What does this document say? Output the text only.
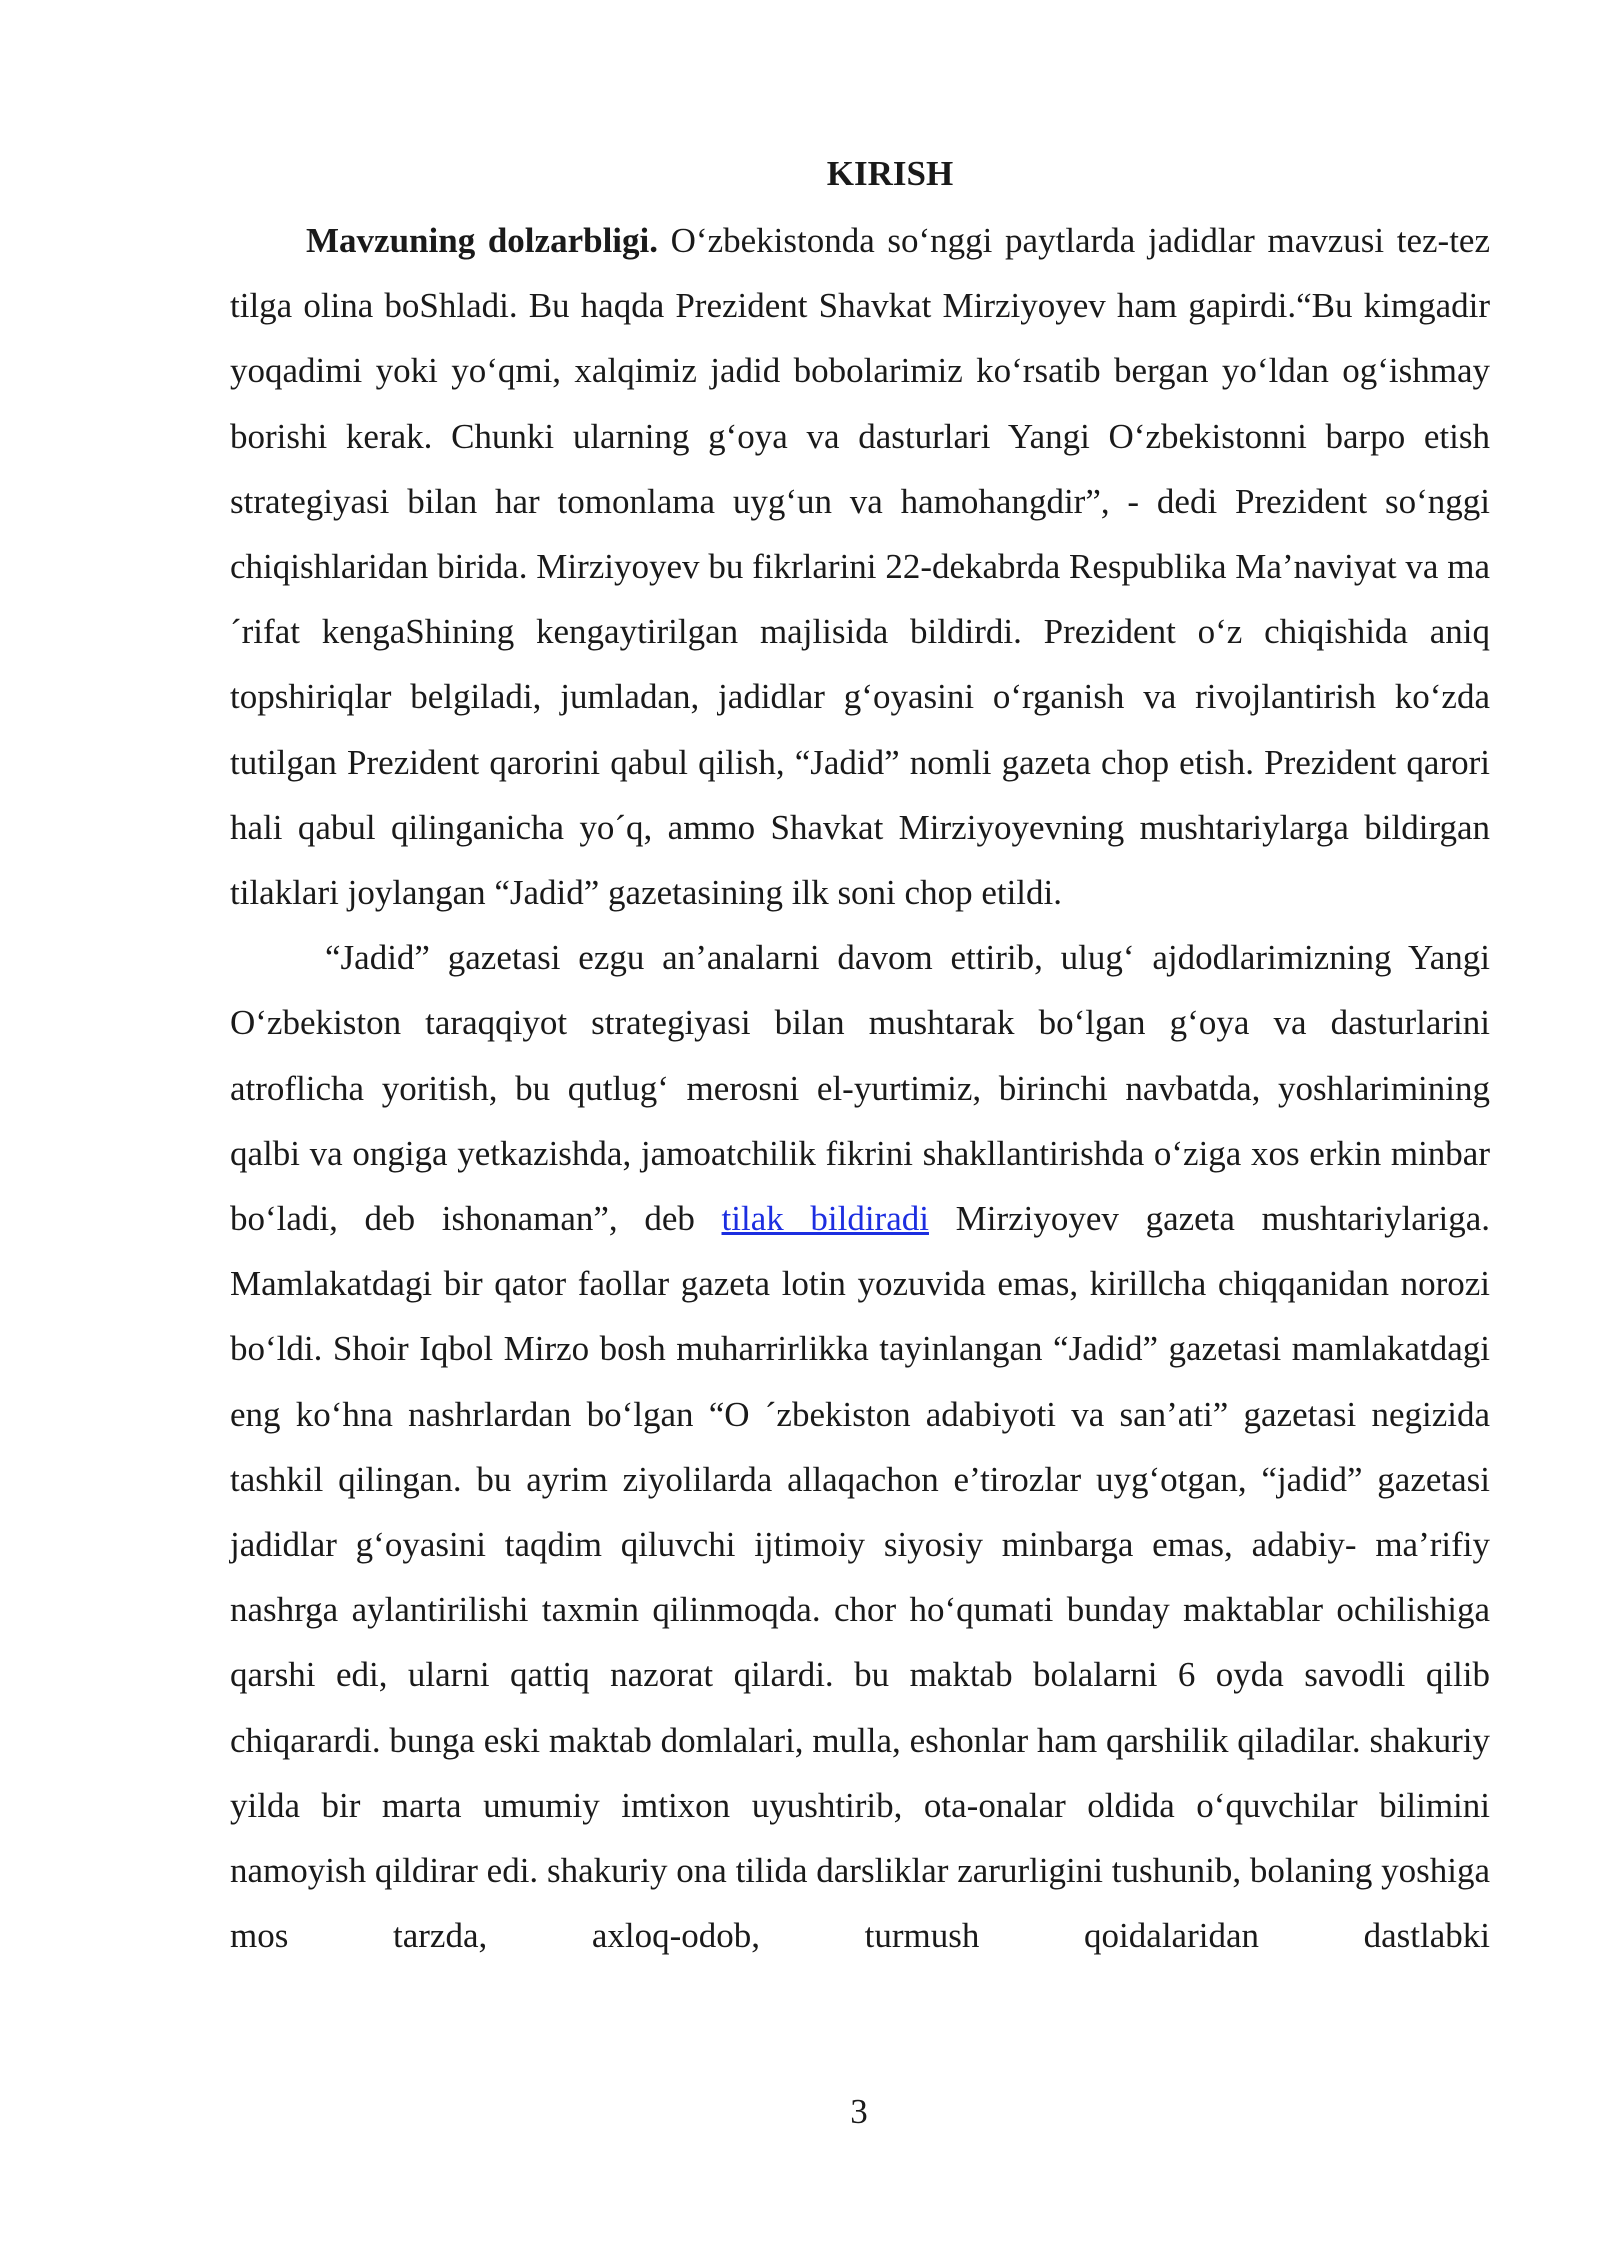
KIRISH

Mavzuning dolzarbligi. O‘zbekistonda so‘nggi paytlarda jadidlar mavzusi tez-tez tilga olina boShladi. Bu haqda Prezident Shavkat Mirziyoyev ham gapirdi.“Bu kimgadir yoqadimi yoki yo‘qmi, xalqimiz jadid bobolarimiz ko‘rsatib bergan yo‘ldan og‘ishmay borishi kerak. Chunki ularning g‘oya va dasturlari Yangi O‘zbekistonni barpo etish strategiyasi bilan har tomonlama uyg‘un va hamohangdir”, - dedi Prezident so‘nggi chiqishlaridan birida. Mirziyoyev bu fikrlarini 22-dekabrda Respublika Ma’naviyat va ma´rifat kengaShining kengaytirilgan majlisida bildirdi. Prezident o‘z chiqishida aniq topshiriqlar belgiladi, jumladan, jadidlar g‘oyasini o‘rganish va rivojlantirish ko‘zda tutilgan Prezident qarorini qabul qilish, “Jadid” nomli gazeta chop etish. Prezident qarori hali qabul qilinganicha yo´q, ammo Shavkat Mirziyoyevning mushtariylarga bildirgan tilaklari joylangan “Jadid” gazetasining ilk soni chop etildi.

“Jadid” gazetasi ezgu an’analarni davom ettirib, ulug‘ ajdodlarimizning Yangi O‘zbekiston taraqqiyot strategiyasi bilan mushtarak bo‘lgan g‘oya va dasturlarini atroflicha yoritish, bu qutlug‘ merosni el-yurtimiz, birinchi navbatda, yoshlarimining qalbi va ongiga yetkazishda, jamoatchilik fikrini shakllantirishda o‘ziga xos erkin minbar bo‘ladi, deb ishonaman”, deb tilak bildiradi Mirziyoyev gazeta mushtariylariga. Mamlakatdagi bir qator faollar gazeta lotin yozuvida emas, kirillcha chiqqanidan norozi bo‘ldi. Shoir Iqbol Mirzo bosh muharrirlikka tayinlangan “Jadid” gazetasi mamlakatdagi eng ko‘hna nashrlardan bo‘lgan “O ´zbekiston adabiyoti va san’ati” gazetasi negizida tashkil qilingan. bu ayrim ziyolilarda allaqachon e’tirozlar uyg‘otgan, “jadid” gazetasi jadidlar g‘oyasini taqdim qiluvchi ijtimoiy siyosiy minbarga emas, adabiy- ma’rifiy nashrga aylantirilishi taxmin qilinmoqda. chor ho‘qumati bunday maktablar ochilishiga qarshi edi, ularni qattiq nazorat qilardi. bu maktab bolalarni 6 oyda savodli qilib chiqarardi. bunga eski maktab domlalari, mulla, eshonlar ham qarshilik qiladilar. shakuriy yilda bir marta umumiy imtixon uyushtirib, ota-onalar oldida o‘quvchilar bilimini namoyish qildirar edi. shakuriy ona tilida darsliklar zarurligini tushunib, bolaning yoshiga mos tarzda, axloq-odob, turmush qoidalaridan dastlabki

3
